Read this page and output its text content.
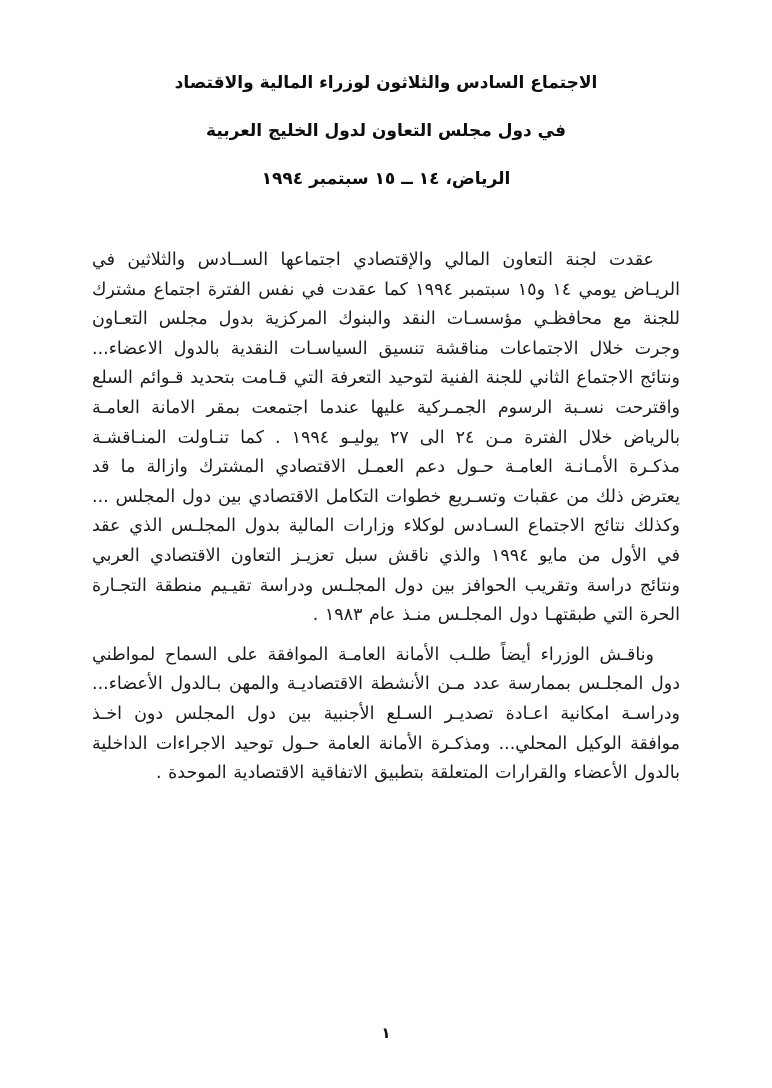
الاجتماع السادس والثلاثون لوزراء المالية والاقتصاد
في دول مجلس التعاون لدول الخليج العربية
الرياض، ١٤ ــ ١٥ سبتمبر ١٩٩٤

عقدت لجنة التعاون المالي والإقتصادي اجتماعها الســادس والثلاثين في الريـاض يومي ١٤ و١٥ سبتمبر ١٩٩٤ كما عقدت في نفس الفترة اجتماع مشترك للجنة مع محافظـي مؤسسـات النقد والبنوك المركزية بدول مجلس التعـاون وجرت خلال الاجتماعات مناقشة تنسيق السياسـات النقدية بالدول الاعضاء... ونتائج الاجتماع الثاني للجنة الفنية لتوحيد التعرفة التي قـامت بتحديد قـوائم السلع واقترحت نسـبة الرسوم الجمـركية عليها عندما اجتمعت بمقر الامانة العامـة بالرياض خلال الفترة مـن ٢٤ الى ٢٧ يوليـو ١٩٩٤ . كما تنـاولت المنـاقشـة مذكـرة الأمـانـة العامـة حـول دعم العمـل الاقتصادي المشترك وازالة ما قد يعترض ذلك من عقبات وتسـريع خطوات التكامل الاقتصادي بين دول المجلس ... وكذلك نتائج الاجتماع السـادس لوكلاء وزارات المالية بدول المجلـس الذي عقد في الأول من مايو ١٩٩٤ والذي ناقش سبل تعزيـز التعاون الاقتصادي العربي ونتائج دراسة وتقريب الحوافز بين دول المجلـس ودراسة تقيـيم منطقة التجـارة الحرة التي طبقتهـا دول المجلـس منـذ عام ١٩٨٣ .

وناقـش الوزراء أيضاً طلـب الأمانة العامـة الموافقة على السماح لمواطني دول المجلـس بممارسة عدد مـن الأنشطة الاقتصاديـة والمهن بـالدول الأعضاء... ودراسـة امكانية اعـادة تصديـر السـلع الأجنبية بين دول المجلس دون اخـذ موافقة الوكيل المحلي... ومذكـرة الأمانة العامة حـول توحيد الاجراءات الداخلية بالدول الأعضاء والقرارات المتعلقة بتطبيق الاتفاقية الاقتصادية الموحدة .

١
